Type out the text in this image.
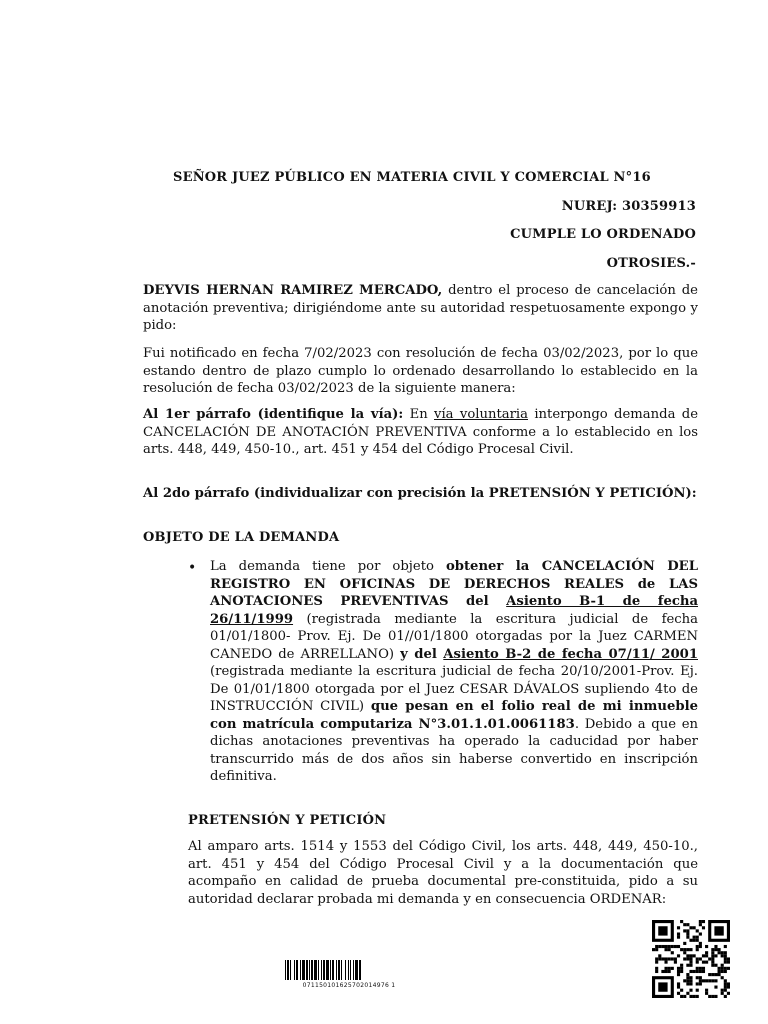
SEÑOR JUEZ PÚBLICO EN MATERIA CIVIL Y COMERCIAL N°16
NUREJ: 30359913
CUMPLE LO ORDENADO
OTROSIES.-
DEYVIS HERNAN RAMIREZ MERCADO, dentro el proceso de cancelación de anotación preventiva; dirigiéndome ante su autoridad respetuosamente expongo y pido:
Fui notificado en fecha 7/02/2023 con resolución de fecha 03/02/2023, por lo que estando dentro de plazo cumplo lo ordenado desarrollando lo establecido en la resolución de fecha 03/02/2023 de la siguiente manera:
Al 1er párrafo (identifique la vía): En vía voluntaria interpongo demanda de CANCELACIÓN DE ANOTACIÓN PREVENTIVA conforme a lo establecido en los arts. 448, 449, 450-10., art. 451 y 454 del Código Procesal Civil.
Al 2do párrafo (individualizar con precisión la PRETENSIÓN Y PETICIÓN):
OBJETO DE LA DEMANDA
• La demanda tiene por objeto obtener la CANCELACIÓN DEL REGISTRO EN OFICINAS DE DERECHOS REALES de LAS ANOTACIONES PREVENTIVAS del Asiento B-1 de fecha 26/11/1999 (registrada mediante la escritura judicial de fecha 01/01/1800- Prov. Ej. De 01//01/1800 otorgadas por la Juez CARMEN CANEDO de ARRELLANO) y del Asiento B-2 de fecha 07/11/ 2001 (registrada mediante la escritura judicial de fecha 20/10/2001-Prov. Ej. De 01/01/1800 otorgada por el Juez CESAR DÁVALOS supliendo 4to de INSTRUCCIÓN CIVIL) que pesan en el folio real de mi inmueble con matrícula computariza N°3.01.1.01.0061183. Debido a que en dichas anotaciones preventivas ha operado la caducidad por haber transcurrido más de dos años sin haberse convertido en inscripción definitiva.
PRETENSIÓN Y PETICIÓN
Al amparo arts. 1514 y 1553 del Código Civil, los arts. 448, 449, 450-10., art. 451 y 454 del Código Procesal Civil y a la documentación que acompaño en calidad de prueba documental pre-constituida, pido a su autoridad declarar probada mi demanda y en consecuencia ORDENAR:
071150101625702014976 1
